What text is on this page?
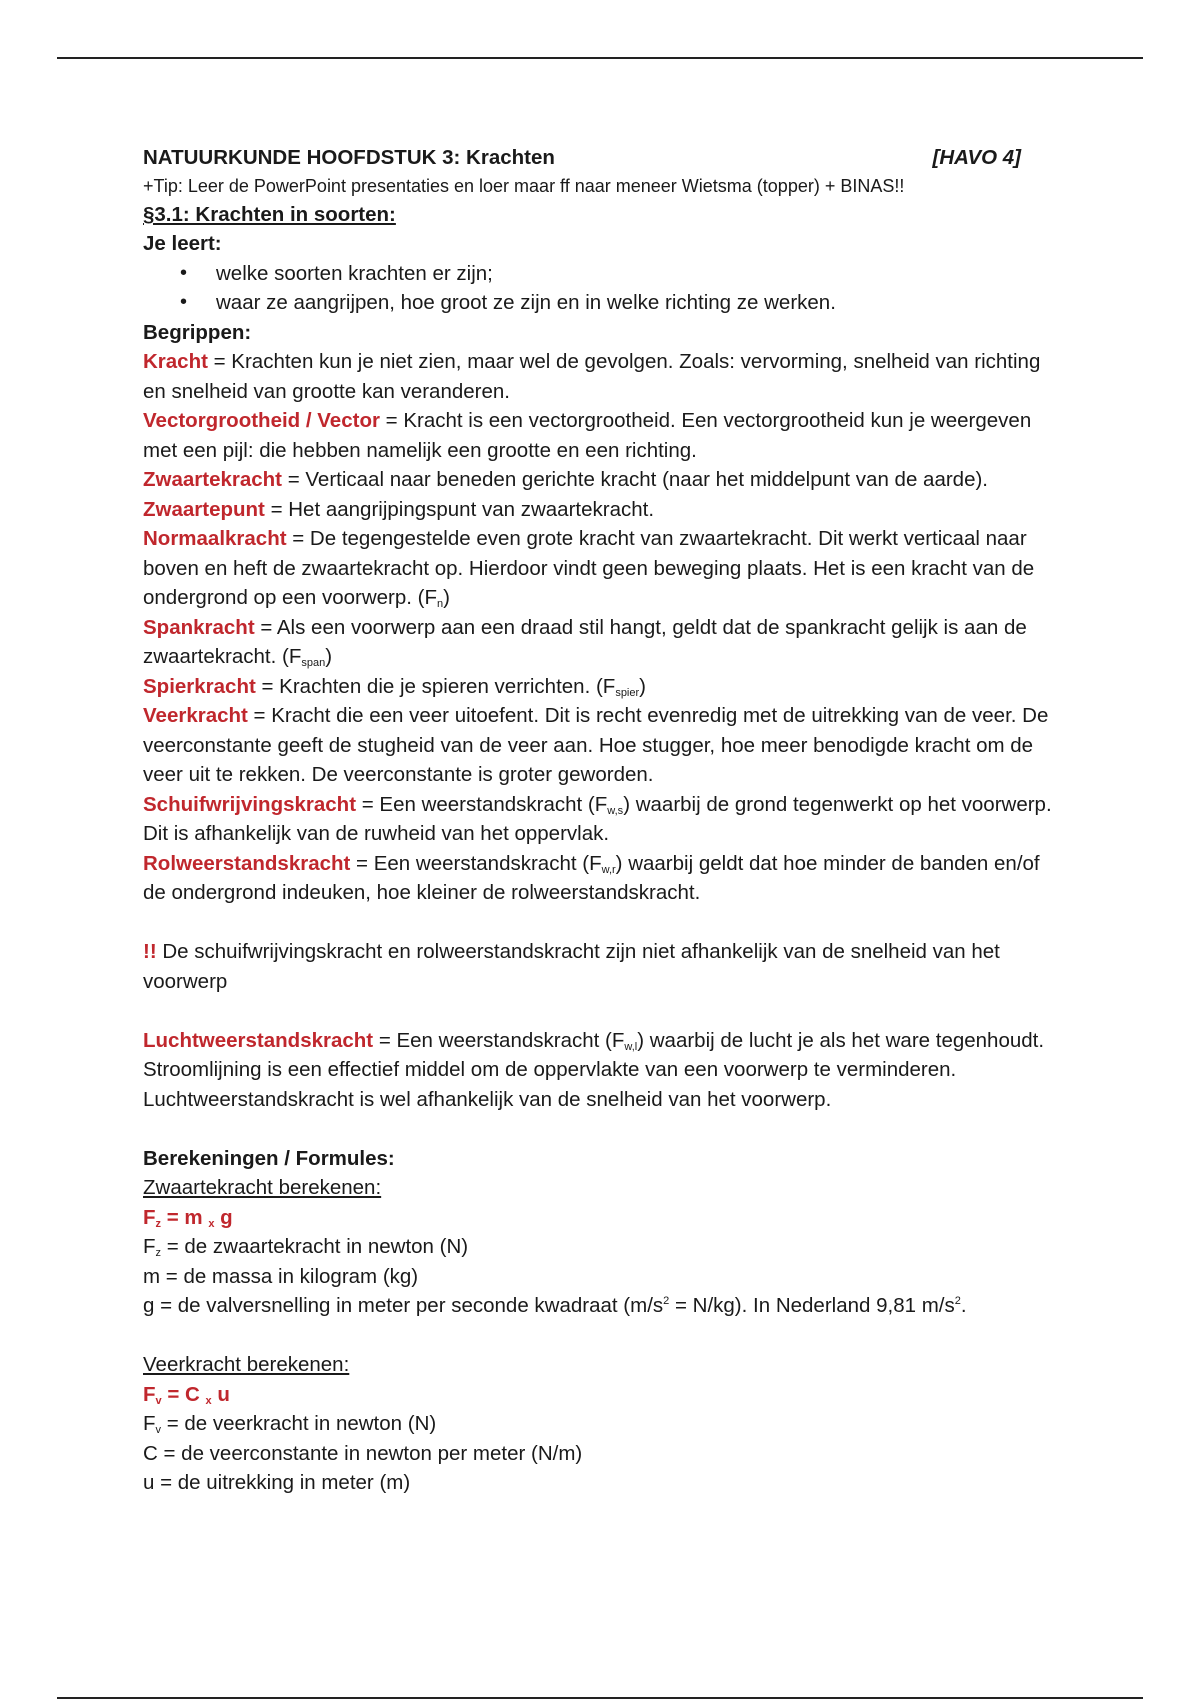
NATUURKUNDE HOOFDSTUK 3: Krachten	[HAVO 4]

+Tip: Leer de PowerPoint presentaties en loer maar ff naar meneer Wietsma (topper) + BINAS!!

§3.1: Krachten in soorten:

Je leert:

• welke soorten krachten er zijn;
• waar ze aangrijpen, hoe groot ze zijn en in welke richting ze werken.

Begrippen:

Kracht = Krachten kun je niet zien, maar wel de gevolgen. Zoals: vervorming, snelheid van richting en snelheid van grootte kan veranderen.

Vectorgrootheid / Vector = Kracht is een vectorgrootheid. Een vectorgrootheid kun je weergeven met een pijl: die hebben namelijk een grootte en een richting.

Zwaartekracht = Verticaal naar beneden gerichte kracht (naar het middelpunt van de aarde).

Zwaartepunt = Het aangrijpingspunt van zwaartekracht.

Normaalkracht = De tegengestelde even grote kracht van zwaartekracht. Dit werkt verticaal naar boven en heft de zwaartekracht op. Hierdoor vindt geen beweging plaats. Het is een kracht van de ondergrond op een voorwerp. $(F_n)$

Spankracht = Als een voorwerp aan een draad stil hangt, geldt dat de spankracht gelijk is aan de zwaartekracht. $(F_{span})$

Spierkracht = Krachten die je spieren verrichten. $(F_{spier})$

Veerkracht = Kracht die een veer uitoefent. Dit is recht evenredig met de uitrekking van de veer. De veerconstante geeft de stugheid van de veer aan. Hoe stugger, hoe meer benodigde kracht om de veer uit te rekken. De veerconstante is groter geworden.

Schuifwrijvingskracht = Een weerstandskracht $(F_{w,s})$ waarbij de grond tegenwerkt op het voorwerp. Dit is afhankelijk van de ruwheid van het oppervlak.

Rolweerstandskracht = Een weerstandskracht $(F_{w,r})$ waarbij geldt dat hoe minder de banden en/of de ondergrond indeuken, hoe kleiner de rolweerstandskracht.

!! De schuifwrijvingskracht en rolweerstandskracht zijn niet afhankelijk van de snelheid van het voorwerp

Luchtweerstandskracht = Een weerstandskracht $(F_{w,l})$ waarbij de lucht je als het ware tegenhoudt. Stroomlijning is een effectief middel om de oppervlakte van een voorwerp te verminderen. Luchtweerstandskracht is wel afhankelijk van de snelheid van het voorwerp.

Berekeningen / Formules:

Zwaartekracht berekenen:

$F_z = m$ $_x$ g

$F_z$ = de zwaartekracht in newton (N)

m = de massa in kilogram (kg)

g = de valversnelling in meter per seconde kwadraat $(m/s^2 = N/kg)$. In Nederland 9,81 $m/s^2$.

Veerkracht berekenen:

$F_v = C$ $_x$ u

$F_v$ = de veerkracht in newton (N)

C = de veerconstante in newton per meter (N/m)

u = de uitrekking in meter (m)
